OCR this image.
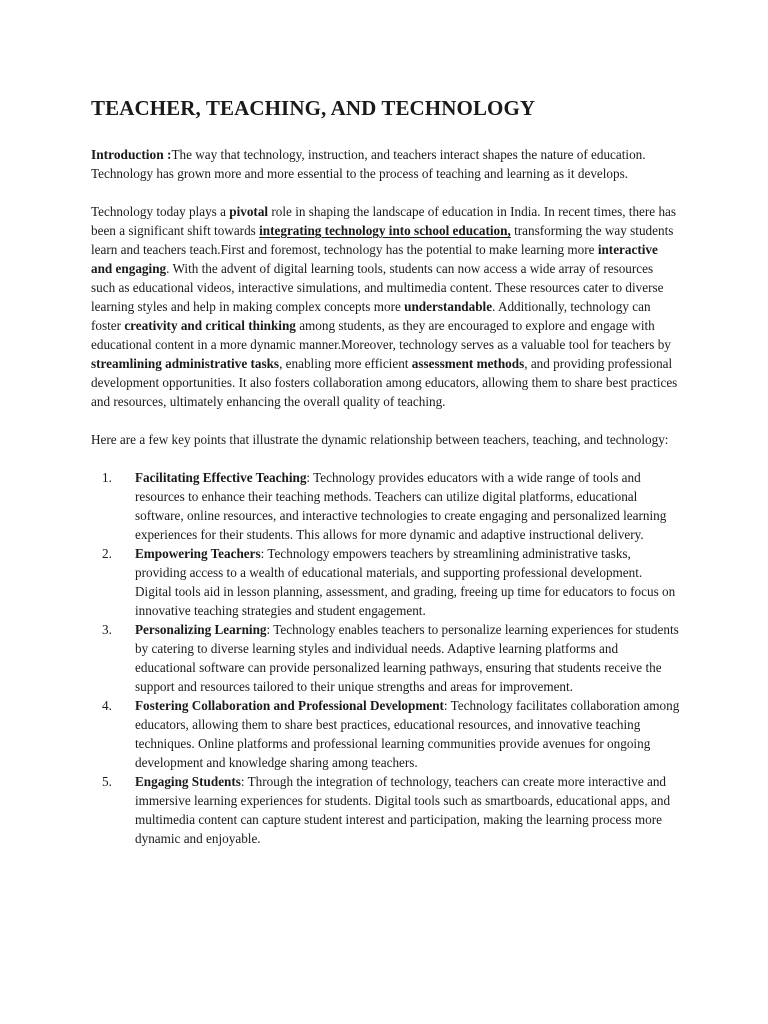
TEACHER, TEACHING, AND TECHNOLOGY

Introduction :The way that technology, instruction, and teachers interact shapes the nature of education. Technology has grown more and more essential to the process of teaching and learning as it develops.

Technology today plays a pivotal role in shaping the landscape of education in India. In recent times, there has been a significant shift towards integrating technology into school education, transforming the way students learn and teachers teach.First and foremost, technology has the potential to make learning more interactive and engaging. With the advent of digital learning tools, students can now access a wide array of resources such as educational videos, interactive simulations, and multimedia content. These resources cater to diverse learning styles and help in making complex concepts more understandable. Additionally, technology can foster creativity and critical thinking among students, as they are encouraged to explore and engage with educational content in a more dynamic manner.Moreover, technology serves as a valuable tool for teachers by streamlining administrative tasks, enabling more efficient assessment methods, and providing professional development opportunities. It also fosters collaboration among educators, allowing them to share best practices and resources, ultimately enhancing the overall quality of teaching.

Here are a few key points that illustrate the dynamic relationship between teachers, teaching, and technology:

1. Facilitating Effective Teaching: Technology provides educators with a wide range of tools and resources to enhance their teaching methods. Teachers can utilize digital platforms, educational software, online resources, and interactive technologies to create engaging and personalized learning experiences for their students. This allows for more dynamic and adaptive instructional delivery.
2. Empowering Teachers: Technology empowers teachers by streamlining administrative tasks, providing access to a wealth of educational materials, and supporting professional development. Digital tools aid in lesson planning, assessment, and grading, freeing up time for educators to focus on innovative teaching strategies and student engagement.
3. Personalizing Learning: Technology enables teachers to personalize learning experiences for students by catering to diverse learning styles and individual needs. Adaptive learning platforms and educational software can provide personalized learning pathways, ensuring that students receive the support and resources tailored to their unique strengths and areas for improvement.
4. Fostering Collaboration and Professional Development: Technology facilitates collaboration among educators, allowing them to share best practices, educational resources, and innovative teaching techniques. Online platforms and professional learning communities provide avenues for ongoing development and knowledge sharing among teachers.
5. Engaging Students: Through the integration of technology, teachers can create more interactive and immersive learning experiences for students. Digital tools such as smartboards, educational apps, and multimedia content can capture student interest and participation, making the learning process more dynamic and enjoyable.
